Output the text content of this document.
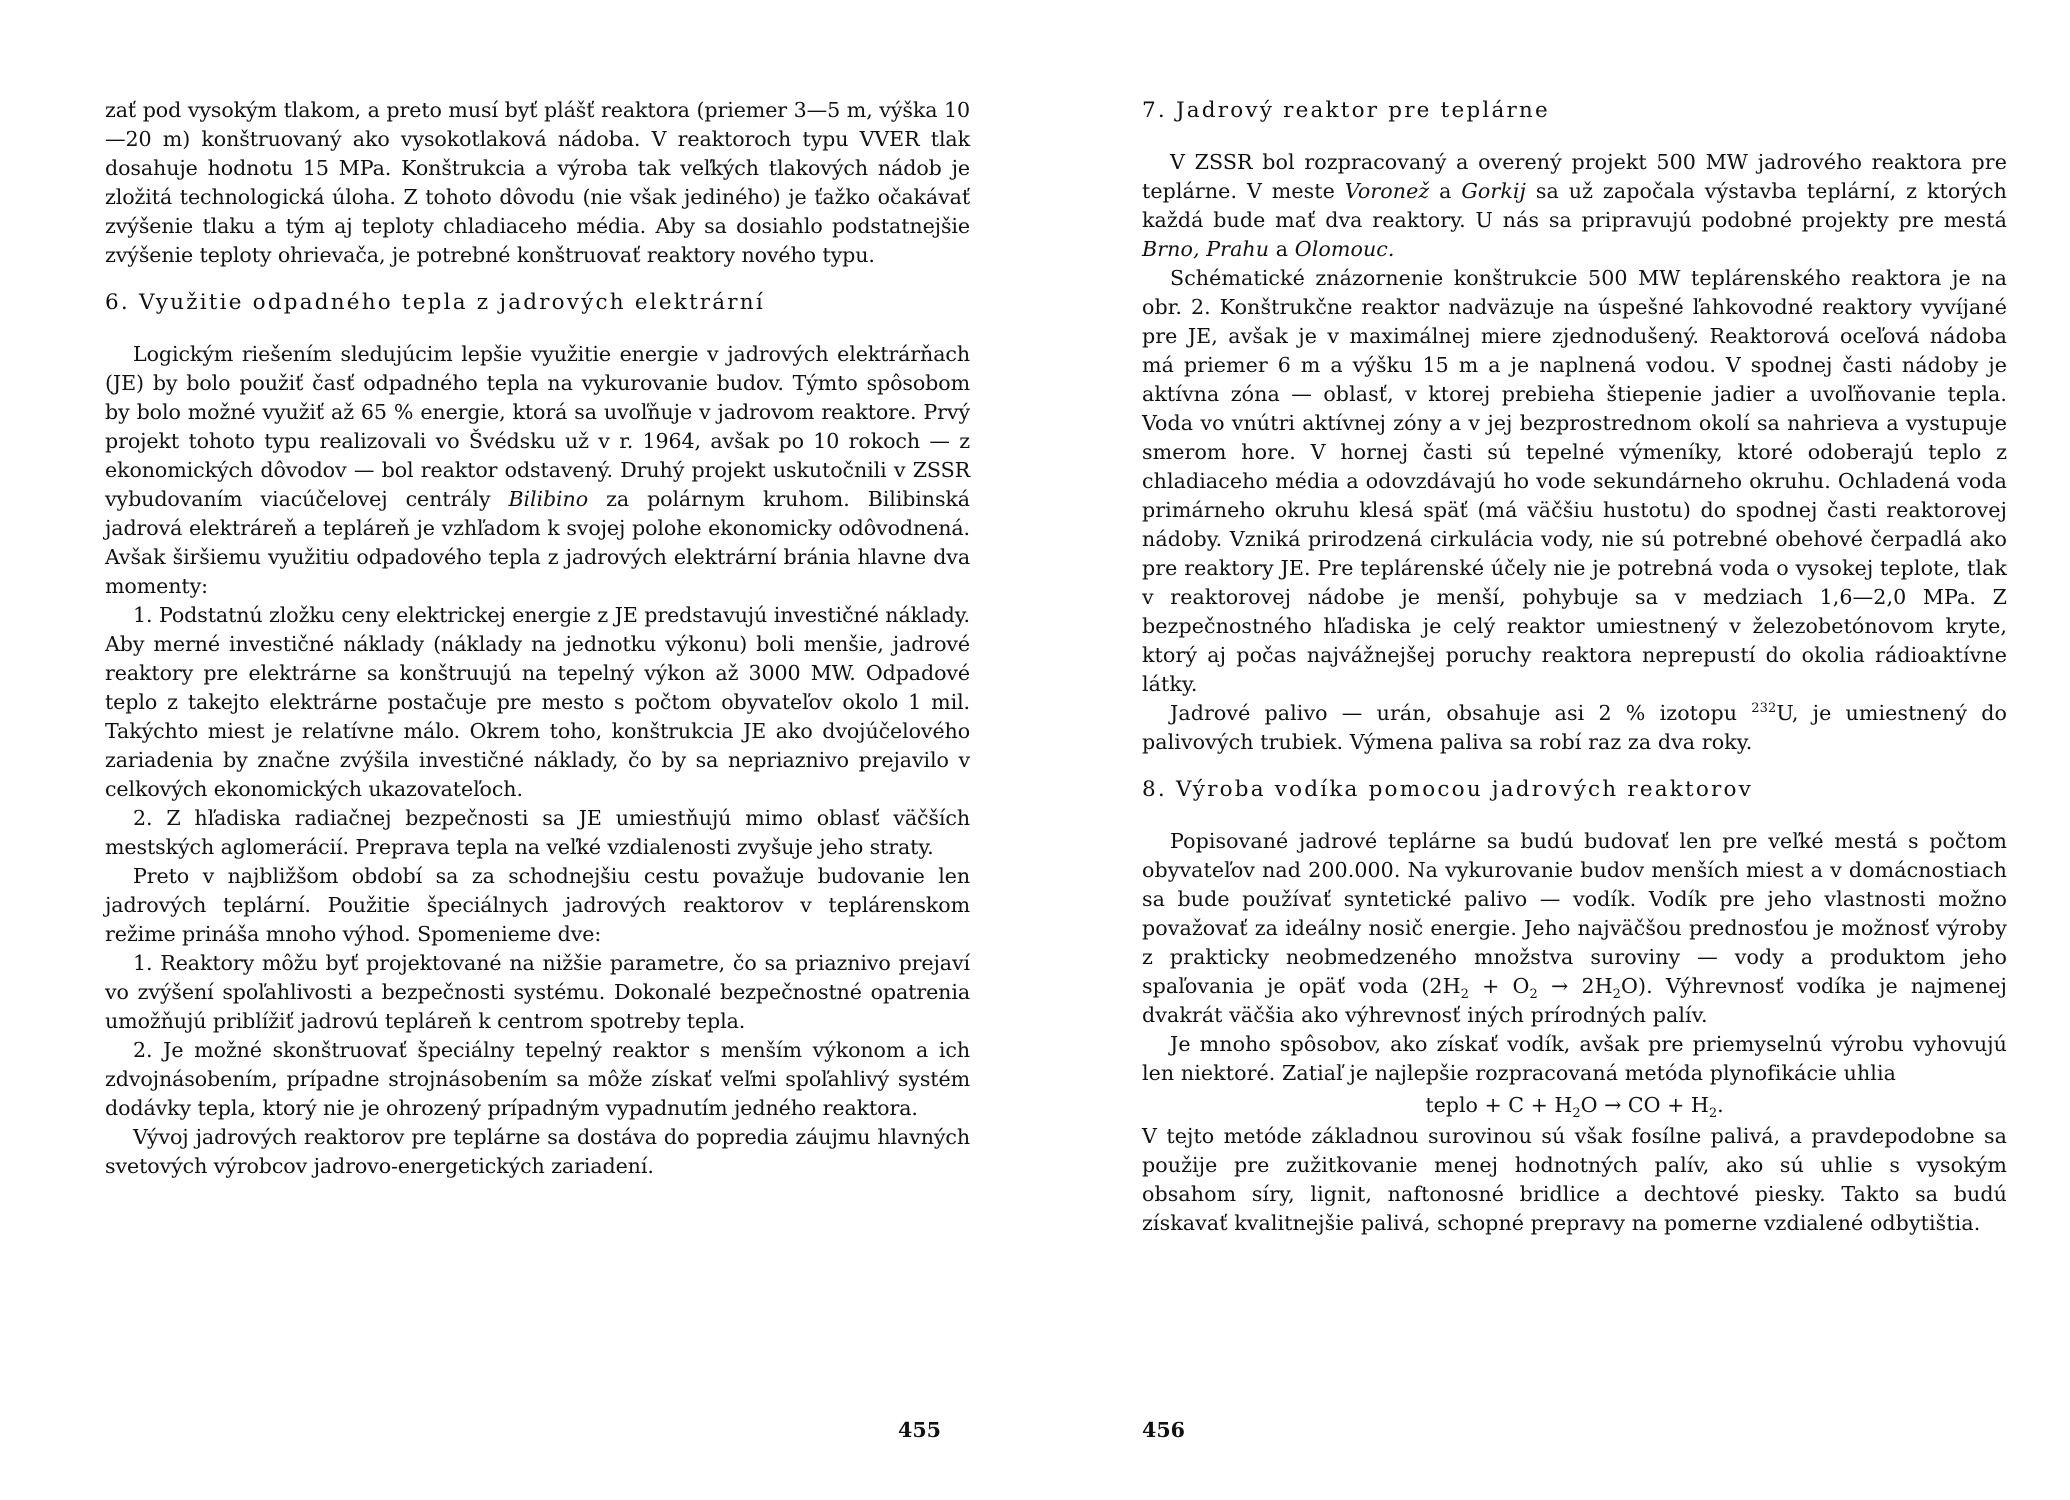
zať pod vysokým tlakom, a preto musí byť plášť reaktora (priemer 3—5 m, výška 10—20 m) konštruovaný ako vysokotlaková nádoba. V reaktoroch typu VVER tlak dosahuje hodnotu 15 MPa. Konštrukcia a výroba tak veľkých tlakových nádob je zložitá technologická úloha. Z tohoto dôvodu (nie však jediného) je ťažko očakávať zvýšenie tlaku a tým aj teploty chladiaceho média. Aby sa dosiahlo podstatnejšie zvýšenie teploty ohrievača, je potrebné konštruovať reaktory nového typu.

6. Využitie odpadného tepla z jadrových elektrární

Logickým riešením sledujúcim lepšie využitie energie v jadrových elektrárňach (JE) by bolo použiť časť odpadného tepla na vykurovanie budov. Týmto spôsobom by bolo možné využiť až 65 % energie, ktorá sa uvoľňuje v jadrovom reaktore. Prvý projekt tohoto typu realizovali vo Švédsku už v r. 1964, avšak po 10 rokoch — z ekonomických dôvodov — bol reaktor odstavený. Druhý projekt uskutočnili v ZSSR vybudovaním viacúčelovej centrály Bilibino za polárnym kruhom. Bilibinská jadrová elektráreň a tepláreň je vzhľadom k svojej polohe ekonomicky odôvodnená. Avšak širšiemu využitiu odpadového tepla z jadrových elektrární bránia hlavne dva momenty:

1. Podstatnú zložku ceny elektrickej energie z JE predstavujú investičné náklady. Aby merné investičné náklady (náklady na jednotku výkonu) boli menšie, jadrové reaktory pre elektrárne sa konštruujú na tepelný výkon až 3000 MW. Odpadové teplo z takejto elektrárne postačuje pre mesto s počtom obyvateľov okolo 1 mil. Takýchto miest je relatívne málo. Okrem toho, konštrukcia JE ako dvojúčelového zariadenia by značne zvýšila investičné náklady, čo by sa nepriaznivo prejavilo v celkových ekonomických ukazovateľoch.

2. Z hľadiska radiačnej bezpečnosti sa JE umiestňujú mimo oblasť väčších mestských aglomerácií. Preprava tepla na veľké vzdialenosti zvyšuje jeho straty.

Preto v najbližšom období sa za schodnejšiu cestu považuje budovanie len jadrových teplární. Použitie špeciálnych jadrových reaktorov v teplárenskom režime prináša mnoho výhod. Spomenieme dve:

1. Reaktory môžu byť projektované na nižšie parametre, čo sa priaznivo prejaví vo zvýšení spoľahlivosti a bezpečnosti systému. Dokonalé bezpečnostné opatrenia umožňujú priblížiť jadrovú tepláreň k centrom spotreby tepla.

2. Je možné skonštruovať špeciálny tepelný reaktor s menším výkonom a ich zdvojnásobením, prípadne strojnásobením sa môže získať veľmi spoľahlivý systém dodávky tepla, ktorý nie je ohrozený prípadným vypadnutím jedného reaktora.

Vývoj jadrových reaktorov pre teplárne sa dostáva do popredia záujmu hlavných svetových výrobcov jadrovo-energetických zariadení.

7. Jadrový reaktor pre teplárne

V ZSSR bol rozpracovaný a overený projekt 500 MW jadrového reaktora pre teplárne. V meste Voronež a Gorkij sa už započala výstavba teplární, z ktorých každá bude mať dva reaktory. U nás sa pripravujú podobné projekty pre mestá Brno, Prahu a Olomouc.

Schématické znázornenie konštrukcie 500 MW teplárenského reaktora je na obr. 2. Konštrukčne reaktor nadväzuje na úspešné ľahkovodné reaktory vyvíjané pre JE, avšak je v maximálnej miere zjednodušený. Reaktorová oceľová nádoba má priemer 6 m a výšku 15 m a je naplnená vodou. V spodnej časti nádoby je aktívna zóna — oblasť, v ktorej prebieha štiepenie jadier a uvoľňovanie tepla. Voda vo vnútri aktívnej zóny a v jej bezprostrednom okolí sa nahrieva a vystupuje smerom hore. V hornej časti sú tepelné výmeníky, ktoré odoberajú teplo z chladiaceho média a odovzdávajú ho vode sekundárneho okruhu. Ochladená voda primárneho okruhu klesá späť (má väčšiu hustotu) do spodnej časti reaktorovej nádoby. Vzniká prirodzená cirkulácia vody, nie sú potrebné obehové čerpadlá ako pre reaktory JE. Pre teplárenské účely nie je potrebná voda o vysokej teplote, tlak v reaktorovej nádobe je menší, pohybuje sa v medziach 1,6—2,0 MPa. Z bezpečnostného hľadiska je celý reaktor umiestnený v železobetónovom kryte, ktorý aj počas najvážnejšej poruchy reaktora neprepustí do okolia rádioaktívne látky.

Jadrové palivo — urán, obsahuje asi 2 % izotopu $^{232}$U, je umiestnený do palivových trubiek. Výmena paliva sa robí raz za dva roky.

8. Výroba vodíka pomocou jadrových reaktorov

Popisované jadrové teplárne sa budú budovať len pre veľké mestá s počtom obyvateľov nad 200.000. Na vykurovanie budov menších miest a v domácnostiach sa bude používať syntetické palivo — vodík. Vodík pre jeho vlastnosti možno považovať za ideálny nosič energie. Jeho najväčšou prednosťou je možnosť výroby z prakticky neobmedzeného množstva suroviny — vody a produktom jeho spaľovania je opäť voda $(2H_2 + O_2 \to 2H_2O)$. Výhrevnosť vodíka je najmenej dvakrát väčšia ako výhrevnosť iných prírodných palív.

Je mnoho spôsobov, ako získať vodík, avšak pre priemyselnú výrobu vyhovujú len niektoré. Zatiaľ je najlepšie rozpracovaná metóda plynofikácie uhlia

teplo + $C + H_2O$ → CO + $H_2$.

V tejto metóde základnou surovinou sú však fosílne palivá, a pravdepodobne sa použije pre zužitkovanie menej hodnotných palív, ako sú uhlie s vysokým obsahom síry, lignit, naftonosné bridlice a dechtové piesky. Takto sa budú získavať kvalitnejšie palivá, schopné prepravy na pomerne vzdialené odbytištia.

455	456
